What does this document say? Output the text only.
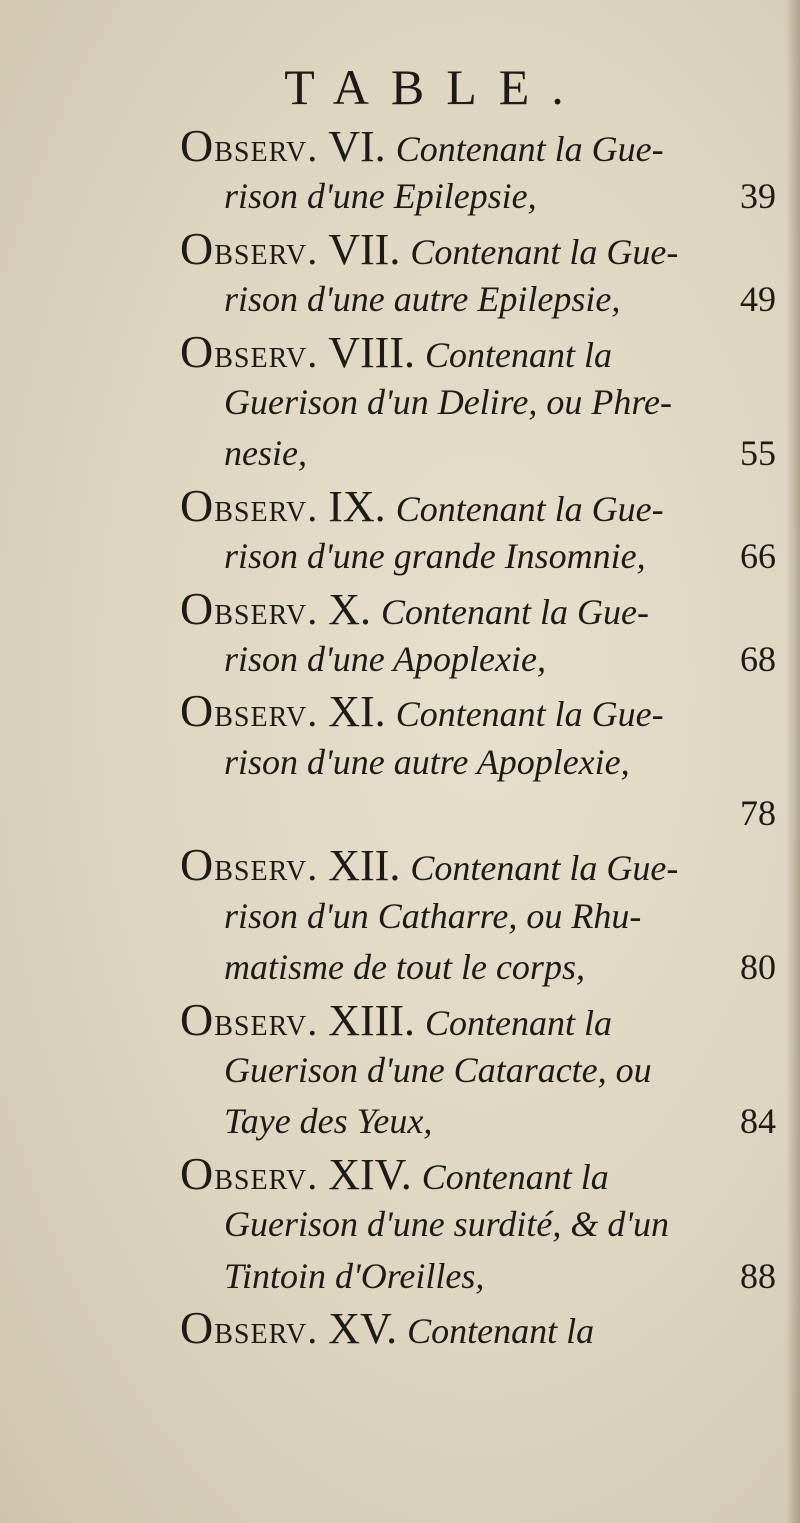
TABLE.
Observ. VI. Contenant la Gue-
rison d'une Epilepsie,	39
Observ. VII. Contenant la Gue-
rison d'une autre Epilepsie,	49
Observ. VIII. Contenant la
Guerison d'un Delire, ou Phre-
nesie,	55
Observ. IX. Contenant la Gue-
rison d'une grande Insomnie,	66
Observ. X. Contenant la Gue-
rison d'une Apoplexie,	68
Observ. XI. Contenant la Gue-
rison d'une autre Apoplexie,
78
Observ. XII. Contenant la Gue-
rison d'un Catharre, ou Rhu-
matisme de tout le corps,	80
Observ. XIII. Contenant la
Guerison d'une Cataracte, ou
Taye des Yeux,	84
Observ. XIV. Contenant la
Guerison d'une surdité, & d'un
Tintoin d'Oreilles,	88
Observ. XV. Contenant la
